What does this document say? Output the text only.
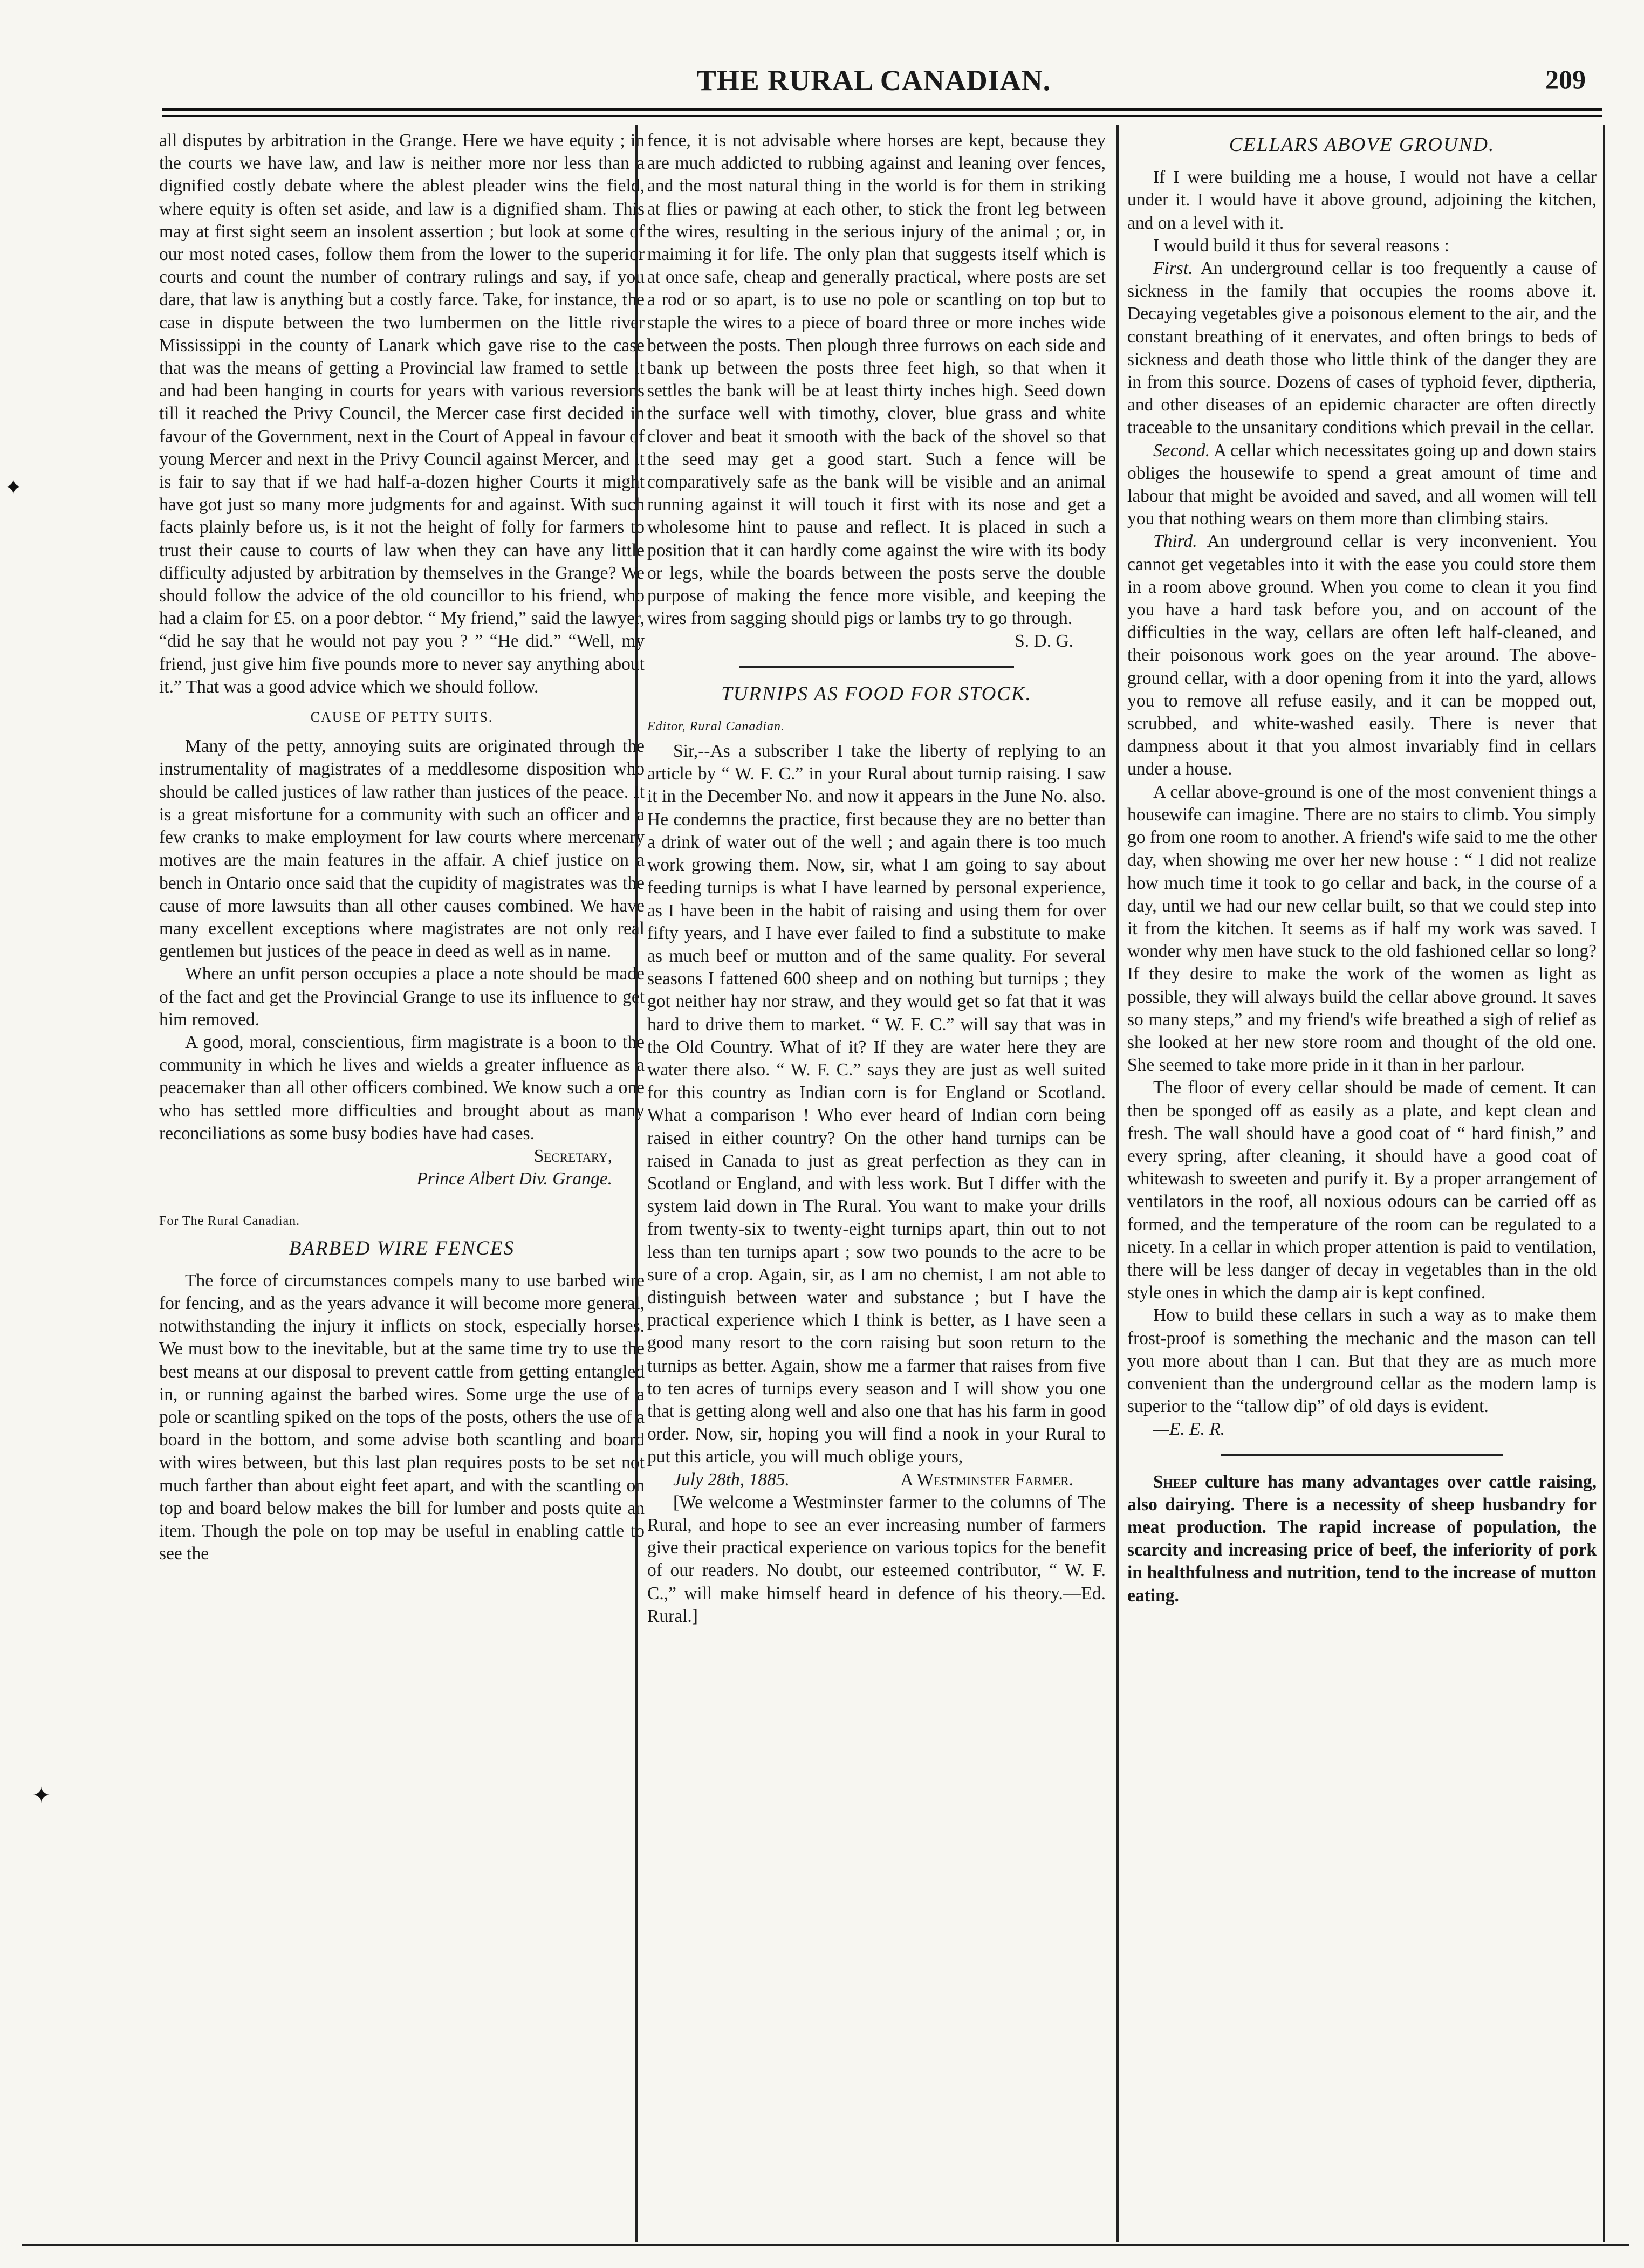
THE RURAL CANADIAN.	209
✦
✦

all disputes by arbitration in the Grange. Here we have equity ; in the courts we have law, and law is neither more nor less than a dignified costly debate where the ablest pleader wins the field, where equity is often set aside, and law is a dignified sham. This may at first sight seem an insolent assertion ; but look at some of our most noted cases, follow them from the lower to the superior courts and count the number of contrary rulings and say, if you dare, that law is anything but a costly farce. Take, for instance, the case in dispute between the two lumbermen on the little river Mississippi in the county of Lanark which gave rise to the case that was the means of getting a Provincial law framed to settle it and had been hanging in courts for years with various reversions till it reached the Privy Council, the Mercer case first decided in favour of the Government, next in the Court of Appeal in favour of young Mercer and next in the Privy Council against Mercer, and it is fair to say that if we had half-a-dozen higher Courts it might have got just so many more judgments for and against. With such facts plainly before us, is it not the height of folly for farmers to trust their cause to courts of law when they can have any little difficulty adjusted by arbitration by themselves in the Grange? We should follow the advice of the old councillor to his friend, who had a claim for £5. on a poor debtor. “ My friend,” said the lawyer, “did he say that he would not pay you ? ” “He did.” “Well, my friend, just give him five pounds more to never say anything about it.” That was a good advice which we should follow.

CAUSE OF PETTY SUITS.

Many of the petty, annoying suits are originated through the instrumentality of magistrates of a meddlesome disposition who should be called justices of law rather than justices of the peace. It is a great misfortune for a community with such an officer and a few cranks to make employment for law courts where mercenary motives are the main features in the affair. A chief justice on a bench in Ontario once said that the cupidity of magistrates was the cause of more lawsuits than all other causes combined. We have many excellent exceptions where magistrates are not only real gentlemen but justices of the peace in deed as well as in name.

Where an unfit person occupies a place a note should be made of the fact and get the Provincial Grange to use its influence to get him removed.

A good, moral, conscientious, firm magistrate is a boon to the community in which he lives and wields a greater influence as a peacemaker than all other officers combined. We know such a one who has settled more difficulties and brought about as many reconciliations as some busy bodies have had cases.

Secretary,
Prince Albert Div. Grange.
For The Rural Canadian.
BARBED WIRE FENCES

The force of circumstances compels many to use barbed wire for fencing, and as the years advance it will become more general, notwithstanding the injury it inflicts on stock, especially horses. We must bow to the inevitable, but at the same time try to use the best means at our disposal to prevent cattle from getting entangled in, or running against the barbed wires. Some urge the use of a pole or scantling spiked on the tops of the posts, others the use of a board in the bottom, and some advise both scantling and board with wires between, but this last plan requires posts to be set not much farther than about eight feet apart, and with the scantling on top and board below makes the bill for lumber and posts quite an item. Though the pole on top may be useful in enabling cattle to see the

fence, it is not advisable where horses are kept, because they are much addicted to rubbing against and leaning over fences, and the most natural thing in the world is for them in striking at flies or pawing at each other, to stick the front leg between the wires, resulting in the serious injury of the animal ; or, in maiming it for life. The only plan that suggests itself which is at once safe, cheap and generally practical, where posts are set a rod or so apart, is to use no pole or scantling on top but to staple the wires to a piece of board three or more inches wide between the posts. Then plough three furrows on each side and bank up between the posts three feet high, so that when it settles the bank will be at least thirty inches high. Seed down the surface well with timothy, clover, blue grass and white clover and beat it smooth with the back of the shovel so that the seed may get a good start. Such a fence will be comparatively safe as the bank will be visible and an animal running against it will touch it first with its nose and get a wholesome hint to pause and reflect. It is placed in such a position that it can hardly come against the wire with its body or legs, while the boards between the posts serve the double purpose of making the fence more visible, and keeping the wires from sagging should pigs or lambs try to go through.

S. D. G.
TURNIPS AS FOOD FOR STOCK.
Editor, Rural Canadian.

Sir,--As a subscriber I take the liberty of replying to an article by “ W. F. C.” in your Rural about turnip raising. I saw it in the December No. and now it appears in the June No. also. He condemns the practice, first because they are no better than a drink of water out of the well ; and again there is too much work growing them. Now, sir, what I am going to say about feeding turnips is what I have learned by personal experience, as I have been in the habit of raising and using them for over fifty years, and I have ever failed to find a substitute to make as much beef or mutton and of the same quality. For several seasons I fattened 600 sheep and on nothing but turnips ; they got neither hay nor straw, and they would get so fat that it was hard to drive them to market. “ W. F. C.” will say that was in the Old Country. What of it? If they are water here they are water there also. “ W. F. C.” says they are just as well suited for this country as Indian corn is for England or Scotland. What a comparison ! Who ever heard of Indian corn being raised in either country? On the other hand turnips can be raised in Canada to just as great perfection as they can in Scotland or England, and with less work. But I differ with the system laid down in The Rural. You want to make your drills from twenty-six to twenty-eight turnips apart, thin out to not less than ten turnips apart ; sow two pounds to the acre to be sure of a crop. Again, sir, as I am no chemist, I am not able to distinguish between water and substance ; but I have the practical experience which I think is better, as I have seen a good many resort to the corn raising but soon return to the turnips as better. Again, show me a farmer that raises from five to ten acres of turnips every season and I will show you one that is getting along well and also one that has his farm in good order. Now, sir, hoping you will find a nook in your Rural to put this article, you will much oblige yours,

July 28th, 1885.	A Westminster Farmer.

[We welcome a Westminster farmer to the columns of The Rural, and hope to see an ever increasing number of farmers give their practical experience on various topics for the benefit of our readers. No doubt, our esteemed contributor, “ W. F. C.,” will make himself heard in defence of his theory.—Ed. Rural.]

CELLARS ABOVE GROUND.

If I were building me a house, I would not have a cellar under it. I would have it above ground, adjoining the kitchen, and on a level with it.

I would build it thus for several reasons :

First. An underground cellar is too frequently a cause of sickness in the family that occupies the rooms above it. Decaying vegetables give a poisonous element to the air, and the constant breathing of it enervates, and often brings to beds of sickness and death those who little think of the danger they are in from this source. Dozens of cases of typhoid fever, diptheria, and other diseases of an epidemic character are often directly traceable to the unsanitary conditions which prevail in the cellar.

Second. A cellar which necessitates going up and down stairs obliges the housewife to spend a great amount of time and labour that might be avoided and saved, and all women will tell you that nothing wears on them more than climbing stairs.

Third. An underground cellar is very inconvenient. You cannot get vegetables into it with the ease you could store them in a room above ground. When you come to clean it you find you have a hard task before you, and on account of the difficulties in the way, cellars are often left half-cleaned, and their poisonous work goes on the year around. The above-ground cellar, with a door opening from it into the yard, allows you to remove all refuse easily, and it can be mopped out, scrubbed, and white-washed easily. There is never that dampness about it that you almost invariably find in cellars under a house.

A cellar above-ground is one of the most convenient things a housewife can imagine. There are no stairs to climb. You simply go from one room to another. A friend's wife said to me the other day, when showing me over her new house : “ I did not realize how much time it took to go cellar and back, in the course of a day, until we had our new cellar built, so that we could step into it from the kitchen. It seems as if half my work was saved. I wonder why men have stuck to the old fashioned cellar so long? If they desire to make the work of the women as light as possible, they will always build the cellar above ground. It saves so many steps,” and my friend's wife breathed a sigh of relief as she looked at her new store room and thought of the old one. She seemed to take more pride in it than in her parlour.

The floor of every cellar should be made of cement. It can then be sponged off as easily as a plate, and kept clean and fresh. The wall should have a good coat of “ hard finish,” and every spring, after cleaning, it should have a good coat of whitewash to sweeten and purify it. By a proper arrangement of ventilators in the roof, all noxious odours can be carried off as formed, and the temperature of the room can be regulated to a nicety. In a cellar in which proper attention is paid to ventilation, there will be less danger of decay in vegetables than in the old style ones in which the damp air is kept confined.

How to build these cellars in such a way as to make them frost-proof is something the mechanic and the mason can tell you more about than I can. But that they are as much more convenient than the underground cellar as the modern lamp is superior to the “tallow dip” of old days is evident.

—E. E. R.

Sheep culture has many advantages over cattle raising, also dairying. There is a necessity of sheep husbandry for meat production. The rapid increase of population, the scarcity and increasing price of beef, the inferiority of pork in healthfulness and nutrition, tend to the increase of mutton eating.
